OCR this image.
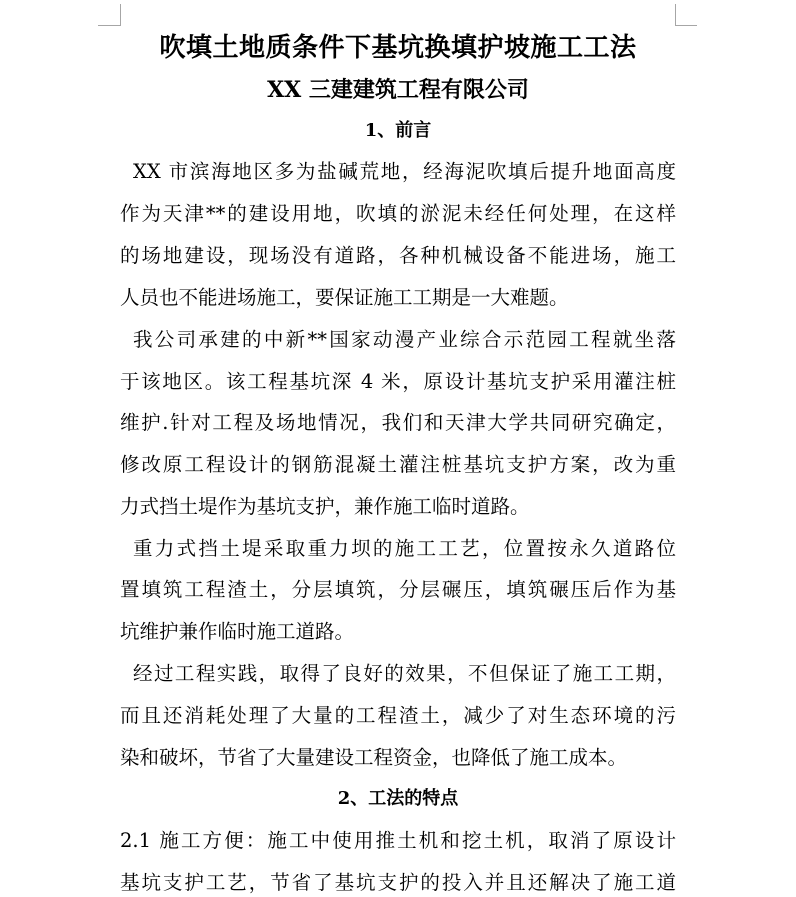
吹填土地质条件下基坑换填护坡施工工法
XX 三建建筑工程有限公司
1、前言

XX 市滨海地区多为盐碱荒地，经海泥吹填后提升地面高度

作为天津**的建设用地，吹填的淤泥未经任何处理，在这样

的场地建设，现场没有道路，各种机械设备不能进场，施工

人员也不能进场施工，要保证施工工期是一大难题。

我公司承建的中新**国家动漫产业综合示范园工程就坐落

于该地区。该工程基坑深 4 米，原设计基坑支护采用灌注桩

维护.针对工程及场地情况，我们和天津大学共同研究确定，

修改原工程设计的钢筋混凝土灌注桩基坑支护方案，改为重

力式挡土堤作为基坑支护，兼作施工临时道路。

重力式挡土堤采取重力坝的施工工艺，位置按永久道路位

置填筑工程渣土，分层填筑，分层碾压，填筑碾压后作为基

坑维护兼作临时施工道路。

经过工程实践，取得了良好的效果，不但保证了施工工期，

而且还消耗处理了大量的工程渣土，减少了对生态环境的污

染和破坏，节省了大量建设工程资金，也降低了施工成本。

2、工法的特点

2.1 施工方便：施工中使用推土机和挖土机，取消了原设计

基坑支护工艺，节省了基坑支护的投入并且还解决了施工道
